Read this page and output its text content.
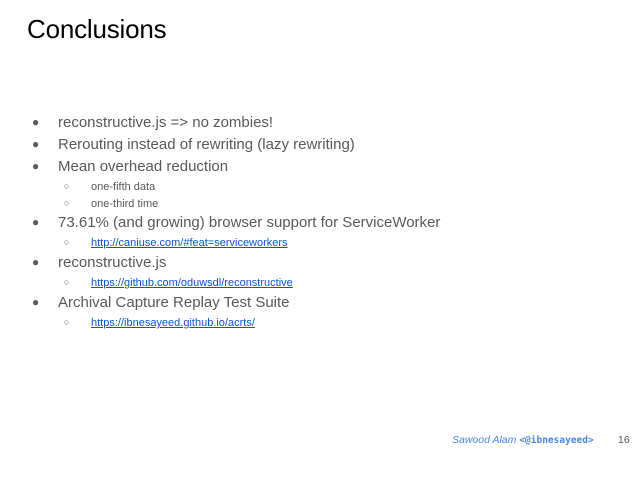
Conclusions
● reconstructive.js => no zombies!
● Rerouting instead of rewriting (lazy rewriting)
● Mean overhead reduction
○ one-fifth data
○ one-third time
● 73.61% (and growing) browser support for ServiceWorker
○ http://caniuse.com/#feat=serviceworkers
● reconstructive.js
○ https://github.com/oduwsdl/reconstructive
● Archival Capture Replay Test Suite
○ https://ibnesayeed.github.io/acrts/
Sawood Alam <@ibnesayeed> 16
